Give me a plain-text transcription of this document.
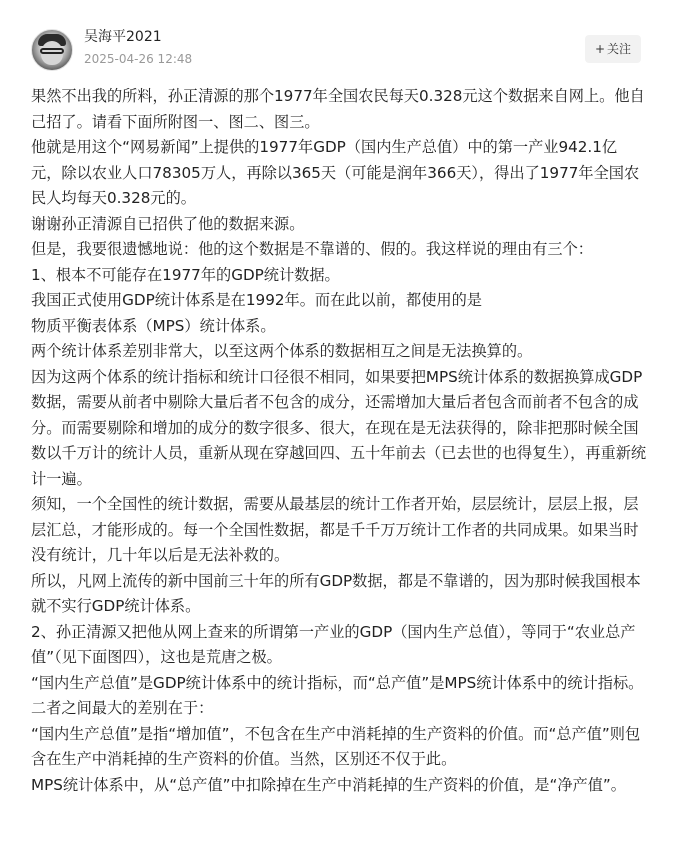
吴海平2021
2025-04-26 12:48
+ 关注

果然不出我的所料，孙正清源的那个1977年全国农民每天0.328元这个数据来自网上。他自己招了。请看下面所附图一、图二、图三。

他就是用这个“网易新闻”上提供的1977年GDP（国内生产总值）中的第一产业942.1亿元，除以农业人口78305万人，再除以365天（可能是润年366天），得出了1977年全国农民人均每天0.328元的。

谢谢孙正清源自已招供了他的数据来源。

但是，我要很遗憾地说：他的这个数据是不靠谱的、假的。我这样说的理由有三个：

1、根本不可能存在1977年的GDP统计数据。

我国正式使用GDP统计体系是在1992年。而在此以前，都使用的是

物质平衡表体系（MPS）统计体系。

两个统计体系差别非常大，以至这两个体系的数据相互之间是无法换算的。

因为这两个体系的统计指标和统计口径很不相同，如果要把MPS统计体系的数据换算成GDP数据，需要从前者中剔除大量后者不包含的成分，还需增加大量后者包含而前者不包含的成分。而需要剔除和增加的成分的数字很多、很大，在现在是无法获得的，除非把那时候全国数以千万计的统计人员，重新从现在穿越回四、五十年前去（已去世的也得复生），再重新统计一遍。

须知，一个全国性的统计数据，需要从最基层的统计工作者开始，层层统计，层层上报，层层汇总，才能形成的。每一个全国性数据，都是千千万万统计工作者的共同成果。如果当时没有统计，几十年以后是无法补救的。

所以，凡网上流传的新中国前三十年的所有GDP数据，都是不靠谱的，因为那时候我国根本就不实行GDP统计体系。

2、孙正清源又把他从网上查来的所谓第一产业的GDP（国内生产总值），等同于“农业总产值”（见下面图四），这也是荒唐之极。

“国内生产总值”是GDP统计体系中的统计指标，而“总产值”是MPS统计体系中的统计指标。二者之间最大的差别在于：

“国内生产总值”是指“增加值”，不包含在生产中消耗掉的生产资料的价值。而“总产值”则包含在生产中消耗掉的生产资料的价值。当然，区别还不仅于此。

MPS统计体系中，从“总产值”中扣除掉在生产中消耗掉的生产资料的价值，是“净产值”。
